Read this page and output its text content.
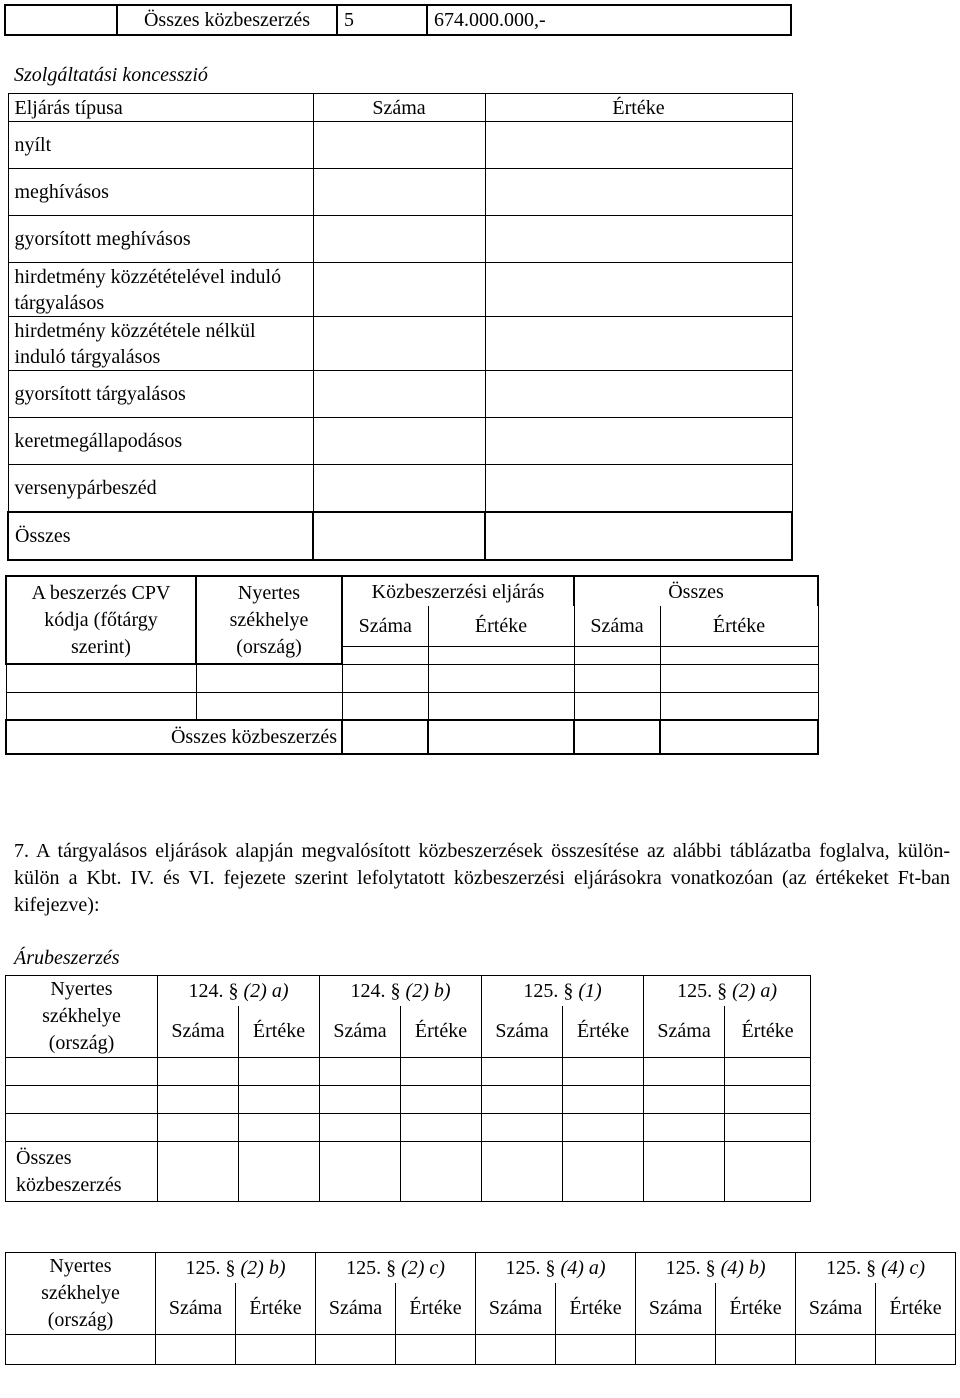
	Összes közbeszerzés	5	674.000.000,-
Szolgáltatási koncesszió
Eljárás típusa	Száma	Értéke
nyílt		
meghívásos		
gyorsított meghívásos		
hirdetmény közzétételével induló tárgyalásos		
hirdetmény közzététele nélkül induló tárgyalásos		
gyorsított tárgyalásos		
keretmegállapodásos		
versenypárbeszéd		
Összes		
A beszerzés CPV kódja (főtárgy szerint)	Nyertes székhelye (ország)	Közbeszerzési eljárás		Összes	
		Száma	Értéke	Száma	Értéke

Összes közbeszerzés					
7. A tárgyalásos eljárások alapján megvalósított közbeszerzések összesítése az alábbi táblázatba foglalva, külön-külön a Kbt. IV. és VI. fejezete szerint lefolytatott közbeszerzési eljárásokra vonatkozóan (az értékeket Ft-ban kifejezve):
Árubeszerzés
Nyertes székhelye (ország)	124. § (2) a)		124. § (2) b)		125. § (1)		125. § (2) a)	
	Száma	Értéke	Száma	Értéke	Száma	Értéke	Száma	Értéke

Összes közbeszerzés								
Nyertes székhelye (ország)	125. § (2) b)		125. § (2) c)		125. § (4) a)		125. § (4) b)		125. § (4) c)	
	Száma	Értéke	Száma	Értéke	Száma	Értéke	Száma	Értéke	Száma	Értéke
